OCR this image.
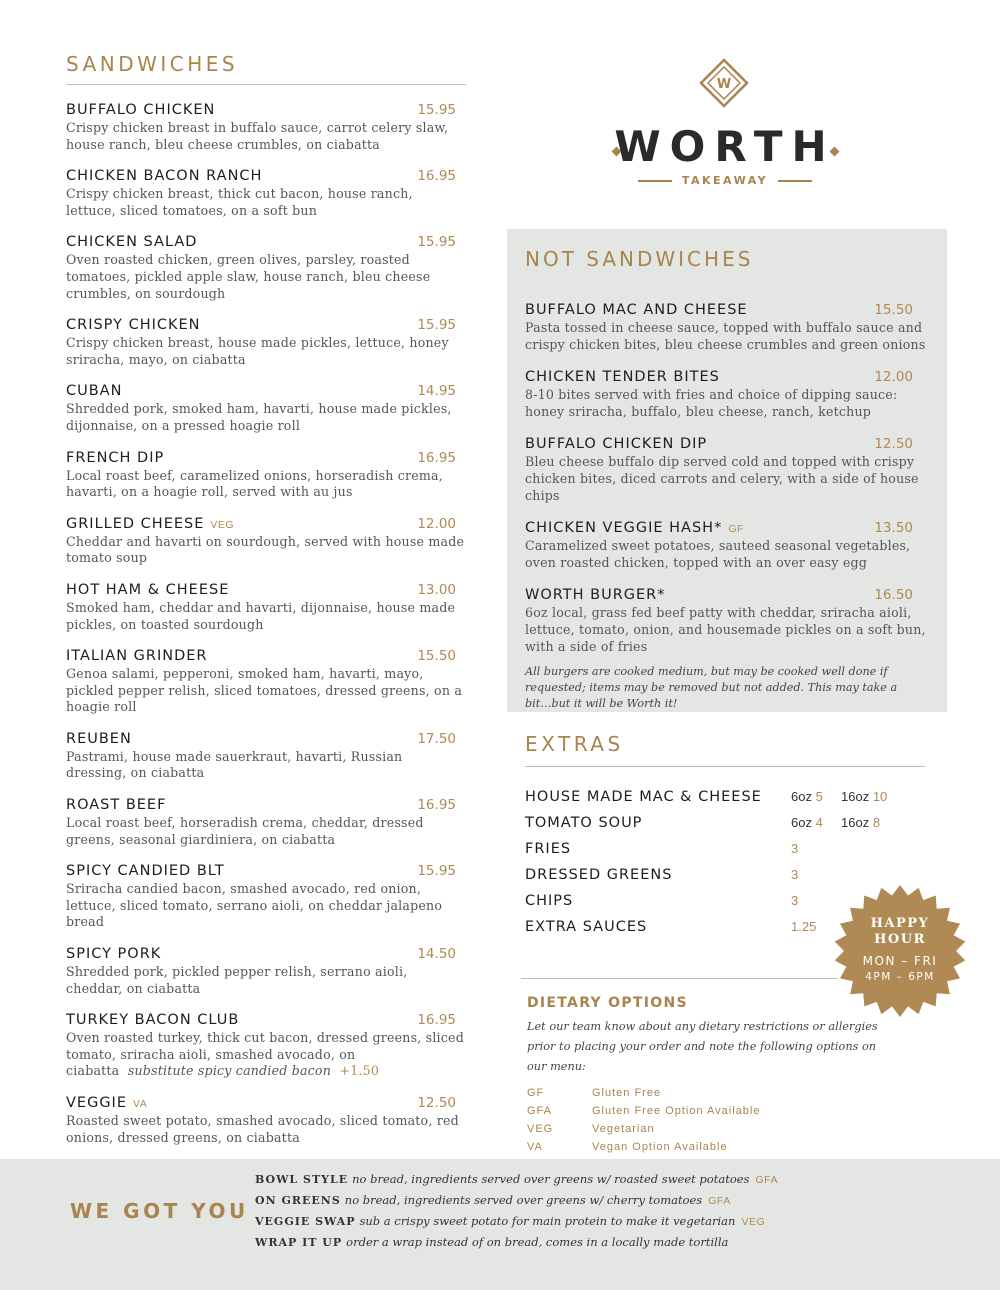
SANDWICHES
BUFFALO CHICKEN	15.95
Crispy chicken breast in buffalo sauce, carrot celery slaw, house ranch, bleu cheese crumbles, on ciabatta
CHICKEN BACON RANCH	16.95
Crispy chicken breast, thick cut bacon, house ranch, lettuce, sliced tomatoes, on a soft bun
CHICKEN SALAD	15.95
Oven roasted chicken, green olives, parsley, roasted tomatoes, pickled apple slaw, house ranch, bleu cheese crumbles, on sourdough
CRISPY CHICKEN	15.95
Crispy chicken breast, house made pickles, lettuce, honey sriracha, mayo, on ciabatta
CUBAN	14.95
Shredded pork, smoked ham, havarti, house made pickles, dijonnaise, on a pressed hoagie roll
FRENCH DIP	16.95
Local roast beef, caramelized onions, horseradish crema, havarti, on a hoagie roll, served with au jus
GRILLED CHEESE VEG	12.00
Cheddar and havarti on sourdough, served with house made tomato soup
HOT HAM & CHEESE	13.00
Smoked ham, cheddar and havarti, dijonnaise, house made pickles, on toasted sourdough
ITALIAN GRINDER	15.50
Genoa salami, pepperoni, smoked ham, havarti, mayo, pickled pepper relish, sliced tomatoes, dressed greens, on a hoagie roll
REUBEN	17.50
Pastrami, house made sauerkraut, havarti, Russian dressing, on ciabatta
ROAST BEEF	16.95
Local roast beef, horseradish crema, cheddar, dressed greens, seasonal giardiniera, on ciabatta
SPICY CANDIED BLT	15.95
Sriracha candied bacon, smashed avocado, red onion, lettuce, sliced tomato, serrano aioli, on cheddar jalapeno bread
SPICY PORK	14.50
Shredded pork, pickled pepper relish, serrano aioli, cheddar, on ciabatta
TURKEY BACON CLUB	16.95
Oven roasted turkey, thick cut bacon, dressed greens, sliced tomato, sriracha aioli, smashed avocado, on ciabatta substitute spicy candied bacon +1.50
VEGGIE VA	12.50
Roasted sweet potato, smashed avocado, sliced tomato, red onions, dressed greens, on ciabatta
W
WORTH
TAKEAWAY
NOT SANDWICHES
BUFFALO MAC AND CHEESE	15.50
Pasta tossed in cheese sauce, topped with buffalo sauce and crispy chicken bites, bleu cheese crumbles and green onions
CHICKEN TENDER BITES	12.00
8-10 bites served with fries and choice of dipping sauce: honey sriracha, buffalo, bleu cheese, ranch, ketchup
BUFFALO CHICKEN DIP	12.50
Bleu cheese buffalo dip served cold and topped with crispy chicken bites, diced carrots and celery, with a side of house chips
CHICKEN VEGGIE HASH* GF	13.50
Caramelized sweet potatoes, sauteed seasonal vegetables, oven roasted chicken, topped with an over easy egg
WORTH BURGER*	16.50
6oz local, grass fed beef patty with cheddar, sriracha aioli, lettuce, tomato, onion, and housemade pickles on a soft bun, with a side of fries

All burgers are cooked medium, but may be cooked well done if requested; items may be removed but not added. This may take a bit…but it will be Worth it!

EXTRAS
HOUSE MADE MAC & CHEESE	6oz 5	16oz 10
TOMATO SOUP	6oz 4	16oz 8
FRIES	3
DRESSED GREENS	3
CHIPS	3
EXTRA SAUCES	1.25	HAPPY
HOUR
MON – FRI
4PM – 6PM
DIETARY OPTIONS

Let our team know about any dietary restrictions or allergies prior to placing your order and note the following options on our menu:

GF	Gluten Free
GFA	Gluten Free Option Available
VEG	Vegetarian
VA	Vegan Option Available
WE GOT YOU
BOWL STYLE no bread, ingredients served over greens w/ roasted sweet potatoes GFA
ON GREENS no bread, ingredients served over greens w/ cherry tomatoes GFA
VEGGIE SWAP sub a crispy sweet potato for main protein to make it vegetarian VEG
WRAP IT UP order a wrap instead of on bread, comes in a locally made tortilla
